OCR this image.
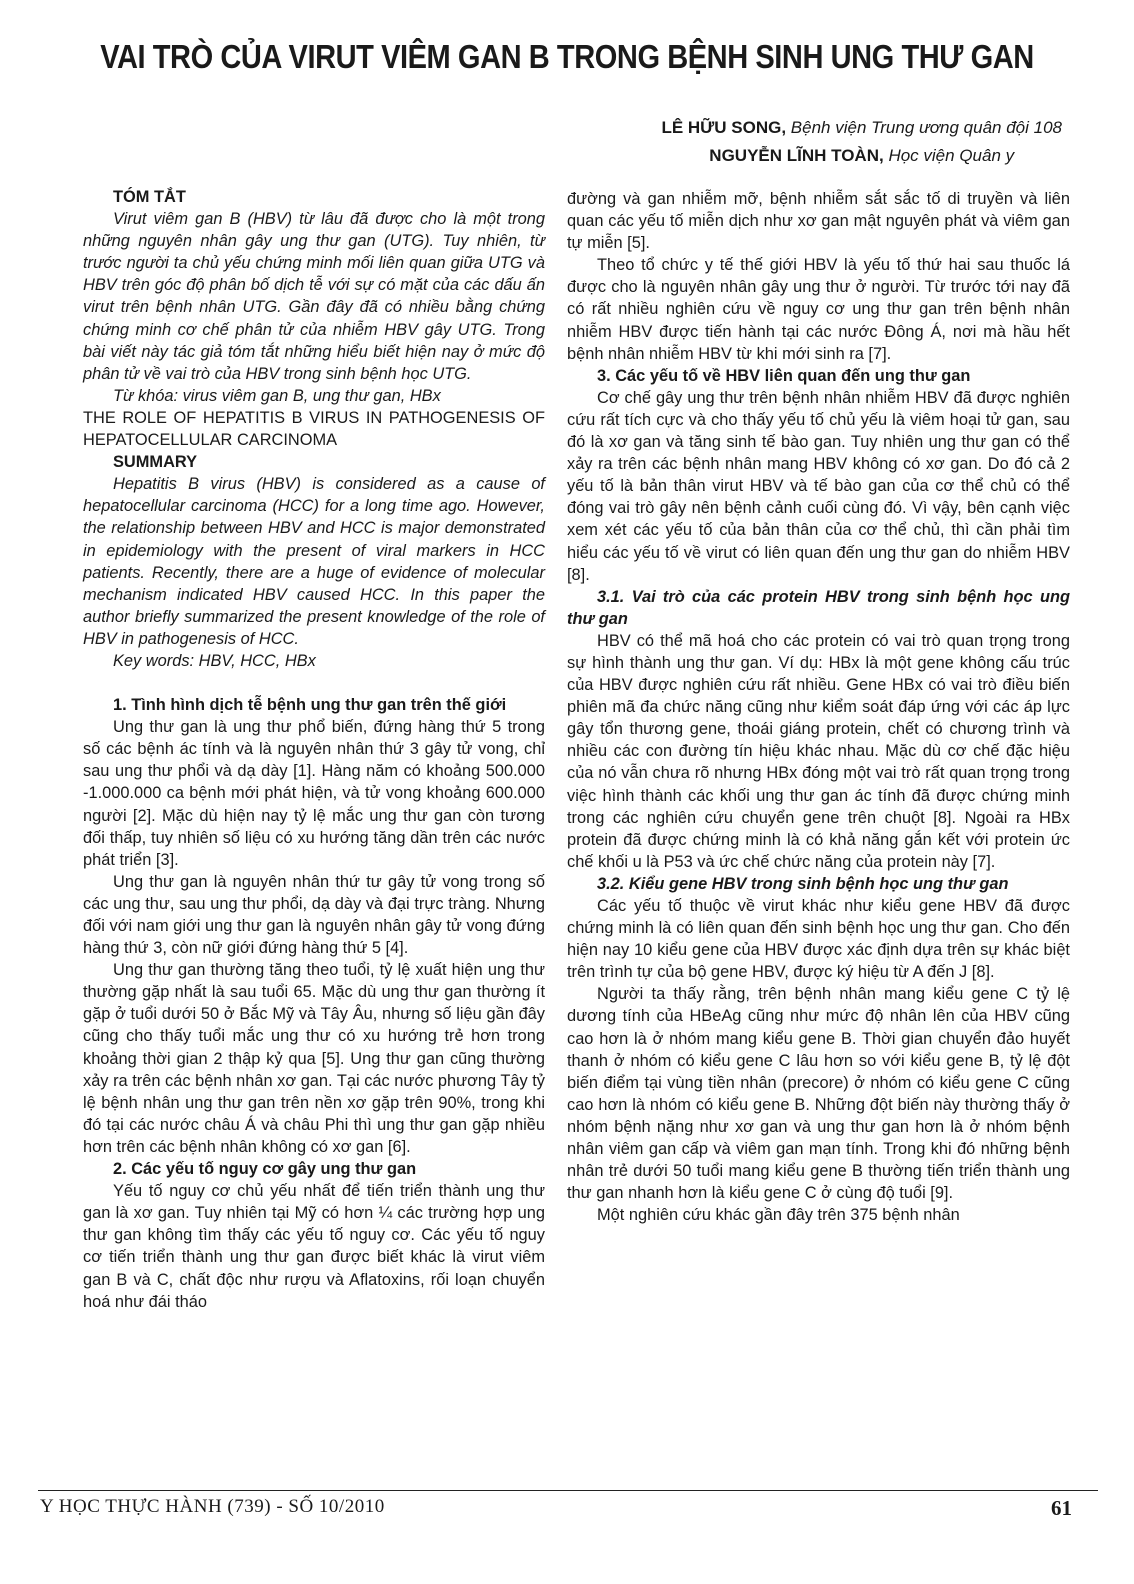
VAI TRÒ CỦA VIRUT VIÊM GAN B TRONG BỆNH SINH UNG THƯ GAN
LÊ HỮU SONG, Bệnh viện Trung ương quân đội 108
NGUYỄN LĨNH TOÀN, Học viện Quân y

TÓM TẮT

Virut viêm gan B (HBV) từ lâu đã được cho là một trong những nguyên nhân gây ung thư gan (UTG). Tuy nhiên, từ trước người ta chủ yếu chứng minh mối liên quan giữa UTG và HBV trên góc độ phân bố dịch tễ với sự có mặt của các dấu ấn virut trên bệnh nhân UTG. Gần đây đã có nhiều bằng chứng chứng minh cơ chế phân tử của nhiễm HBV gây UTG. Trong bài viết này tác giả tóm tắt những hiểu biết hiện nay ở mức độ phân tử về vai trò của HBV trong sinh bệnh học UTG.

Từ khóa: virus viêm gan B, ung thư gan, HBx

THE ROLE OF HEPATITIS B VIRUS IN PATHOGENESIS OF HEPATOCELLULAR CARCINOMA

SUMMARY

Hepatitis B virus (HBV) is considered as a cause of hepatocellular carcinoma (HCC) for a long time ago. However, the relationship between HBV and HCC is major demonstrated in epidemiology with the present of viral markers in HCC patients. Recently, there are a huge of evidence of molecular mechanism indicated HBV caused HCC. In this paper the author briefly summarized the present knowledge of the role of HBV in pathogenesis of HCC.

Key words: HBV, HCC, HBx

1. Tình hình dịch tễ bệnh ung thư gan trên thế giới

Ung thư gan là ung thư phổ biến, đứng hàng thứ 5 trong số các bệnh ác tính và là nguyên nhân thứ 3 gây tử vong, chỉ sau ung thư phổi và dạ dày [1]. Hàng năm có khoảng 500.000 -1.000.000 ca bệnh mới phát hiện, và tử vong khoảng 600.000 người [2]. Mặc dù hiện nay tỷ lệ mắc ung thư gan còn tương đối thấp, tuy nhiên số liệu có xu hướng tăng dần trên các nước phát triển [3].

Ung thư gan là nguyên nhân thứ tư gây tử vong trong số các ung thư, sau ung thư phổi, dạ dày và đại trực tràng. Nhưng đối với nam giới ung thư gan là nguyên nhân gây tử vong đứng hàng thứ 3, còn nữ giới đứng hàng thứ 5 [4].

Ung thư gan thường tăng theo tuổi, tỷ lệ xuất hiện ung thư thường gặp nhất là sau tuổi 65. Mặc dù ung thư gan thường ít gặp ở tuổi dưới 50 ở Bắc Mỹ và Tây Âu, nhưng số liệu gần đây cũng cho thấy tuổi mắc ung thư có xu hướng trẻ hơn trong khoảng thời gian 2 thập kỷ qua [5]. Ung thư gan cũng thường xảy ra trên các bệnh nhân xơ gan. Tại các nước phương Tây tỷ lệ bệnh nhân ung thư gan trên nền xơ gặp trên 90%, trong khi đó tại các nước châu Á và châu Phi thì ung thư gan gặp nhiều hơn trên các bệnh nhân không có xơ gan [6].

2. Các yếu tố nguy cơ gây ung thư gan

Yếu tố nguy cơ chủ yếu nhất để tiến triển thành ung thư gan là xơ gan. Tuy nhiên tại Mỹ có hơn ¼ các trường hợp ung thư gan không tìm thấy các yếu tố nguy cơ. Các yếu tố nguy cơ tiến triển thành ung thư gan được biết khác là virut viêm gan B và C, chất độc như rượu và Aflatoxins, rối loạn chuyển hoá như đái tháo

đường và gan nhiễm mỡ, bệnh nhiễm sắt sắc tố di truyền và liên quan các yếu tố miễn dịch như xơ gan mật nguyên phát và viêm gan tự miễn [5].

Theo tổ chức y tế thế giới HBV là yếu tố thứ hai sau thuốc lá được cho là nguyên nhân gây ung thư ở người. Từ trước tới nay đã có rất nhiều nghiên cứu về nguy cơ ung thư gan trên bệnh nhân nhiễm HBV được tiến hành tại các nước Đông Á, nơi mà hầu hết bệnh nhân nhiễm HBV từ khi mới sinh ra [7].

3. Các yếu tố về HBV liên quan đến ung thư gan

Cơ chế gây ung thư trên bệnh nhân nhiễm HBV đã được nghiên cứu rất tích cực và cho thấy yếu tố chủ yếu là viêm hoại tử gan, sau đó là xơ gan và tăng sinh tế bào gan. Tuy nhiên ung thư gan có thể xảy ra trên các bệnh nhân mang HBV không có xơ gan. Do đó cả 2 yếu tố là bản thân virut HBV và tế bào gan của cơ thể chủ có thể đóng vai trò gây nên bệnh cảnh cuối cùng đó. Vì vậy, bên cạnh việc xem xét các yếu tố của bản thân của cơ thể chủ, thì cần phải tìm hiểu các yếu tố về virut có liên quan đến ung thư gan do nhiễm HBV [8].

3.1. Vai trò của các protein HBV trong sinh bệnh học ung thư gan

HBV có thể mã hoá cho các protein có vai trò quan trọng trong sự hình thành ung thư gan. Ví dụ: HBx là một gene không cấu trúc của HBV được nghiên cứu rất nhiều. Gene HBx có vai trò điều biến phiên mã đa chức năng cũng như kiểm soát đáp ứng với các áp lực gây tổn thương gene, thoái giáng protein, chết có chương trình và nhiều các con đường tín hiệu khác nhau. Mặc dù cơ chế đặc hiệu của nó vẫn chưa rõ nhưng HBx đóng một vai trò rất quan trọng trong việc hình thành các khối ung thư gan ác tính đã được chứng minh trong các nghiên cứu chuyển gene trên chuột [8]. Ngoài ra HBx protein đã được chứng minh là có khả năng gắn kết với protein ức chế khối u là P53 và ức chế chức năng của protein này [7].

3.2. Kiểu gene HBV trong sinh bệnh học ung thư gan

Các yếu tố thuộc về virut khác như kiểu gene HBV đã được chứng minh là có liên quan đến sinh bệnh học ung thư gan. Cho đến hiện nay 10 kiểu gene của HBV được xác định dựa trên sự khác biệt trên trình tự của bộ gene HBV, được ký hiệu từ A đến J [8].

Người ta thấy rằng, trên bệnh nhân mang kiểu gene C tỷ lệ dương tính của HBeAg cũng như mức độ nhân lên của HBV cũng cao hơn là ở nhóm mang kiểu gene B. Thời gian chuyển đảo huyết thanh ở nhóm có kiểu gene C lâu hơn so với kiểu gene B, tỷ lệ đột biến điểm tại vùng tiền nhân (precore) ở nhóm có kiểu gene C cũng cao hơn là nhóm có kiểu gene B. Những đột biến này thường thấy ở nhóm bệnh nặng như xơ gan và ung thư gan hơn là ở nhóm bệnh nhân viêm gan cấp và viêm gan mạn tính. Trong khi đó những bệnh nhân trẻ dưới 50 tuổi mang kiểu gene B thường tiến triển thành ung thư gan nhanh hơn là kiểu gene C ở cùng độ tuổi [9].

Một nghiên cứu khác gần đây trên 375 bệnh nhân

Y HỌC THỰC HÀNH (739) - SỐ 10/2010	61
